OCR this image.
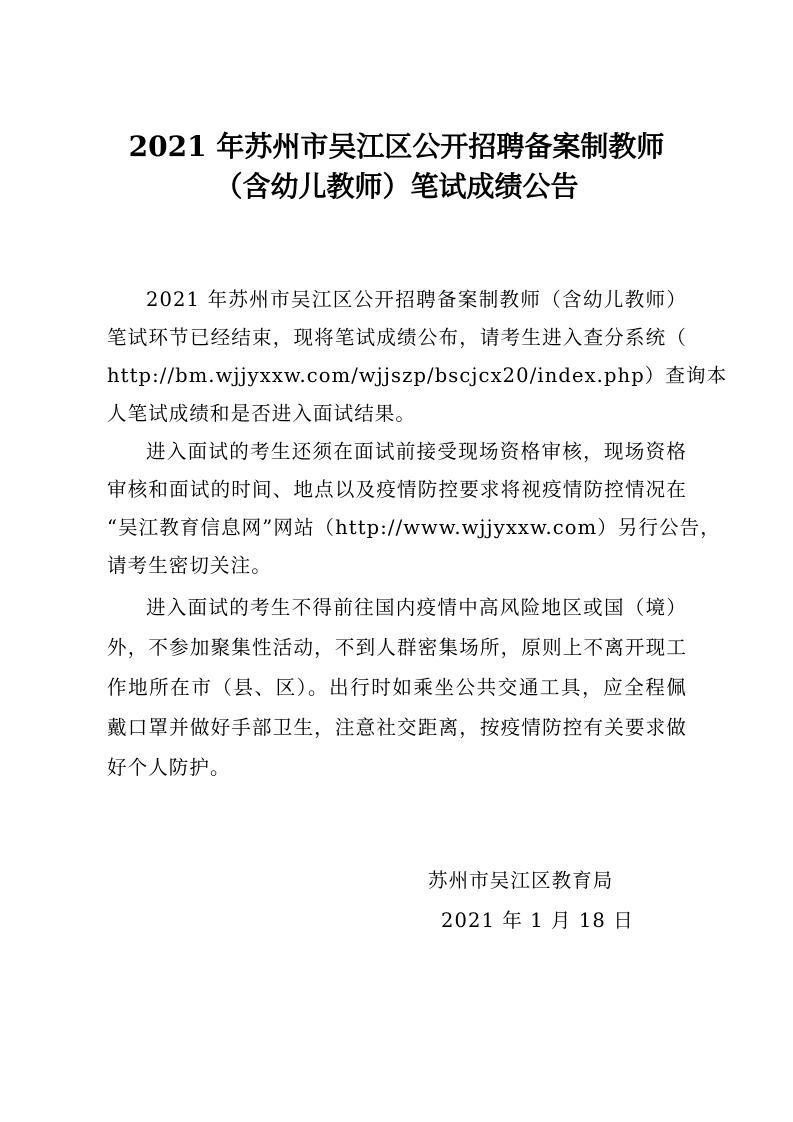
2021 年苏州市吴江区公开招聘备案制教师
（含幼儿教师）笔试成绩公告
2021 年苏州市吴江区公开招聘备案制教师（含幼儿教师）
笔试环节已经结束，现将笔试成绩公布，请考生进入查分系统（
http://bm.wjjyxxw.com/wjjszp/bscjcx20/index.php）查询本
人笔试成绩和是否进入面试结果。
进入面试的考生还须在面试前接受现场资格审核，现场资格
审核和面试的时间、地点以及疫情防控要求将视疫情防控情况在
“吴江教育信息网”网站（http://www.wjjyxxw.com）另行公告，
请考生密切关注。
进入面试的考生不得前往国内疫情中高风险地区或国（境）
外，不参加聚集性活动，不到人群密集场所，原则上不离开现工
作地所在市（县、区）。出行时如乘坐公共交通工具，应全程佩
戴口罩并做好手部卫生，注意社交距离，按疫情防控有关要求做
好个人防护。
苏州市吴江区教育局
2021 年 1 月 18 日
